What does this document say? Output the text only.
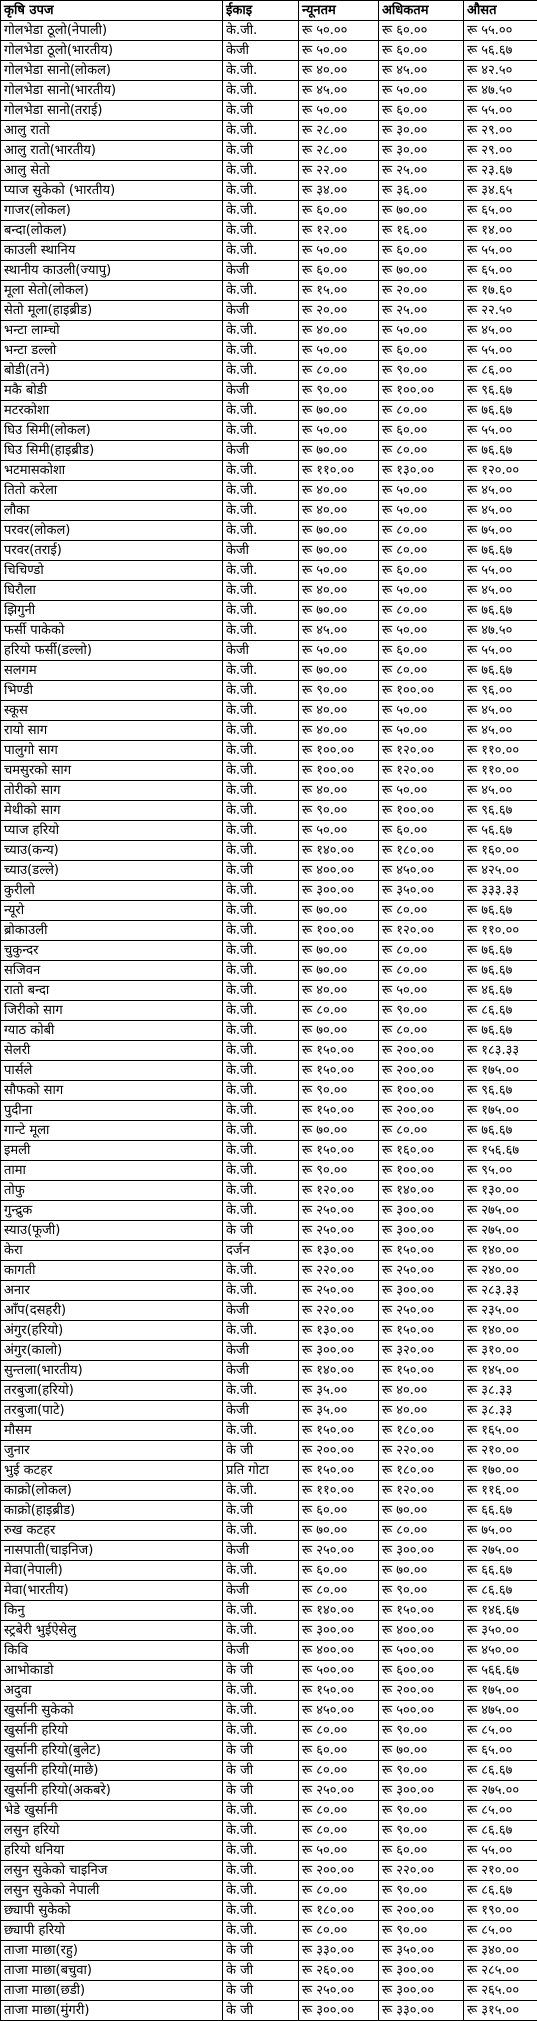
कृषि उपज	ईकाइ	न्यूनतम	अधिकतम	औसत
गोलभेडा ठूलो(नेपाली)	के.जी.	रू ५०.००	रू ६०.००	रू ५५.००
गोलभेडा ठूलो(भारतीय)	केजी	रू ५०.००	रू ६०.००	रू ५६.६७
गोलभेडा सानो(लोकल)	के.जी.	रू ४०.००	रू ४५.००	रू ४२.५०
गोलभेडा सानो(भारतीय)	के.जी.	रू ४५.००	रू ५०.००	रू ४७.५०
गोलभेडा सानो(तराई)	के.जी	रू ५०.००	रू ६०.००	रू ५५.००
आलु रातो	के.जी.	रू २८.००	रू ३०.००	रू २९.००
आलु रातो(भारतीय)	के.जी	रू २८.००	रू ३०.००	रू २९.००
आलु सेतो	के.जी.	रू २२.००	रू २५.००	रू २३.६७
प्याज सुकेको (भारतीय)	के.जी.	रू ३४.००	रू ३६.००	रू ३४.६५
गाजर(लोकल)	के.जी.	रू ६०.००	रू ७०.००	रू ६५.००
बन्दा(लोकल)	के.जी.	रू १२.००	रू १६.००	रू १४.००
काउली स्थानिय	के.जी.	रू ५०.००	रू ६०.००	रू ५५.००
स्थानीय काउली(ज्यापु)	केजी	रू ६०.००	रू ७०.००	रू ६५.००
मूला सेतो(लोकल)	के.जी.	रू १५.००	रू २०.००	रू १७.६०
सेतो मूला(हाइब्रीड)	केजी	रू २०.००	रू २५.००	रू २२.५०
भन्टा लाम्चो	के.जी.	रू ४०.००	रू ५०.००	रू ४५.००
भन्टा डल्लो	के.जी.	रू ५०.००	रू ६०.००	रू ५५.००
बोडी(तने)	के.जी.	रू ८०.००	रू ९०.००	रू ८६.००
मकै बोडी	केजी	रू ९०.००	रू १००.००	रू ९६.६७
मटरकोशा	के.जी.	रू ७०.००	रू ८०.००	रू ७६.६७
घिउ सिमी(लोकल)	के.जी.	रू ५०.००	रू ६०.००	रू ५५.००
घिउ सिमी(हाइब्रीड)	केजी	रू ७०.००	रू ८०.००	रू ७६.६७
भटमासकोशा	के.जी.	रू ११०.००	रू १३०.००	रू १२०.००
तितो करेला	के.जी.	रू ४०.००	रू ५०.००	रू ४५.००
लौका	के.जी.	रू ४०.००	रू ५०.००	रू ४५.००
परवर(लोकल)	के.जी.	रू ७०.००	रू ८०.००	रू ७५.००
परवर(तराई)	केजी	रू ७०.००	रू ८०.००	रू ७६.६७
चिचिण्डो	के.जी.	रू ५०.००	रू ६०.००	रू ५५.००
घिरौला	के.जी.	रू ४०.००	रू ५०.००	रू ४५.००
झिगुनी	के.जी.	रू ७०.००	रू ८०.००	रू ७६.६७
फर्सी पाकेको	के.जी.	रू ४५.००	रू ५०.००	रू ४७.५०
हरियो फर्सी(डल्लो)	केजी	रू ५०.००	रू ६०.००	रू ५५.००
सलगम	के.जी.	रू ७०.००	रू ८०.००	रू ७६.६७
भिण्डी	के.जी.	रू ९०.००	रू १००.००	रू ९६.००
स्कूस	के.जी.	रू ४०.००	रू ५०.००	रू ४५.००
रायो साग	के.जी.	रू ४०.००	रू ५०.००	रू ४५.००
पालुगो साग	के.जी.	रू १००.००	रू १२०.००	रू ११०.००
चमसुरको साग	के.जी.	रू १००.००	रू १२०.००	रू ११०.००
तोरीको साग	के.जी.	रू ४०.००	रू ५०.००	रू ४५.००
मेथीको साग	के.जी.	रू ९०.००	रू १००.००	रू ९६.६७
प्याज हरियो	के.जी.	रू ५०.००	रू ६०.००	रू ५६.६७
च्याउ(कन्य)	के.जी.	रू १४०.००	रू १८०.००	रू १६०.००
च्याउ(डल्ले)	के.जी	रू ४००.००	रू ४५०.००	रू ४२५.००
कुरीलो	के.जी.	रू ३००.००	रू ३५०.००	रू ३३३.३३
न्यूरो	के.जी.	रू ७०.००	रू ८०.००	रू ७६.६७
ब्रोकाउली	के.जी.	रू १००.००	रू १२०.००	रू ११०.००
चुकुन्दर	के.जी.	रू ७०.००	रू ८०.००	रू ७६.६७
सजिवन	के.जी.	रू ७०.००	रू ८०.००	रू ७६.६७
रातो बन्दा	के.जी.	रू ४०.००	रू ५०.००	रू ४६.६७
जिरीको साग	के.जी.	रू ८०.००	रू ९०.००	रू ८६.६७
ग्याठ कोबी	के.जी.	रू ७०.००	रू ८०.००	रू ७६.६७
सेलरी	के.जी.	रू १५०.००	रू २००.००	रू १८३.३३
पार्सले	के.जी.	रू १५०.००	रू २००.००	रू १७५.००
सौफको साग	के.जी.	रू ९०.००	रू १००.००	रू ९६.६७
पुदीना	के.जी.	रू १५०.००	रू २००.००	रू १७५.००
गान्टे मूला	के.जी.	रू ७०.००	रू ८०.००	रू ७६.६७
इमली	के.जी.	रू १५०.००	रू १६०.००	रू १५६.६७
तामा	के.जी.	रू ९०.००	रू १००.००	रू ९५.००
तोफु	के.जी.	रू १२०.००	रू १४०.००	रू १३०.००
गुन्द्रुक	के.जी.	रू २५०.००	रू ३००.००	रू २७५.००
स्याउ(फूजी)	के जी	रू २५०.००	रू ३००.००	रू २७५.००
केरा	दर्जन	रू १३०.००	रू १५०.००	रू १४०.००
कागती	के.जी.	रू २२०.००	रू २५०.००	रू २४०.००
अनार	के.जी.	रू २५०.००	रू ३००.००	रू २८३.३३
आँप(दसहरी)	केजी	रू २२०.००	रू २५०.००	रू २३५.००
अंगुर(हरियो)	के.जी.	रू १३०.००	रू १५०.००	रू १४०.००
अंगुर(कालो)	केजी	रू ३००.००	रू ३२०.००	रू ३१०.००
सुन्तला(भारतीय)	केजी	रू १४०.००	रू १५०.००	रू १४५.००
तरबुजा(हरियो)	के.जी.	रू ३५.००	रू ४०.००	रू ३८.३३
तरबुजा(पाटे)	केजी	रू ३५.००	रू ४०.००	रू ३८.३३
मौसम	के.जी.	रू १५०.००	रू १८०.००	रू १६५.००
जुनार	के जी	रू २००.००	रू २२०.००	रू २१०.००
भुई कटहर	प्रति गोटा	रू १५०.००	रू १८०.००	रू १७०.००
काक्रो(लोकल)	के.जी.	रू ११०.००	रू १२०.००	रू ११६.००
काक्रो(हाइब्रीड)	के.जी	रू ६०.००	रू ७०.००	रू ६६.६७
रुख कटहर	के.जी.	रू ७०.००	रू ८०.००	रू ७५.००
नासपाती(चाइनिज)	केजी	रू २५०.००	रू ३००.००	रू २७५.००
मेवा(नेपाली)	के.जी.	रू ६०.००	रू ७०.००	रू ६६.६७
मेवा(भारतीय)	केजी	रू ८०.००	रू ९०.००	रू ८६.६७
किनु	के.जी.	रू १४०.००	रू १५०.००	रू १४६.६७
स्ट्रबेरी भुईऐसेलु	के.जी.	रू ३००.००	रू ४००.००	रू ३५०.००
किवि	केजी	रू ४००.००	रू ५००.००	रू ४५०.००
आभोकाडो	के जी	रू ५००.००	रू ६००.००	रू ५६६.६७
अदुवा	के.जी.	रू १५०.००	रू २००.००	रू १७५.००
खुर्सानी सुकेको	के.जी.	रू ४५०.००	रू ५००.००	रू ४७५.००
खुर्सानी हरियो	के.जी.	रू ८०.००	रू ९०.००	रू ८५.००
खुर्सानी हरियो(बुलेट)	के जी	रू ६०.००	रू ७०.००	रू ६५.००
खुर्सानी हरियो(माछे)	के जी	रू ८०.००	रू ९०.००	रू ८६.६७
खुर्सानी हरियो(अकबरे)	के जी	रू २५०.००	रू ३००.००	रू २७५.००
भेडे खुर्सानी	के.जी.	रू ८०.००	रू ९०.००	रू ८५.००
लसुन हरियो	के.जी.	रू ८०.००	रू ९०.००	रू ८६.६७
हरियो धनिया	के.जी.	रू ५०.००	रू ६०.००	रू ५५.००
लसुन सुकेको चाइनिज	के.जी.	रू २००.००	रू २२०.००	रू २१०.००
लसुन सुकेको नेपाली	के.जी.	रू ८०.००	रू ९०.००	रू ८६.६७
छ्यापी सुकेको	के.जी.	रू १८०.००	रू २००.००	रू १९०.००
छ्यापी हरियो	के.जी.	रू ८०.००	रू ९०.००	रू ८५.००
ताजा माछा(रहु)	के जी	रू ३३०.००	रू ३५०.००	रू ३४०.००
ताजा माछा(बचुवा)	के जी	रू २६०.००	रू ३००.००	रू २८५.००
ताजा माछा(छडी)	के जी	रू २५०.००	रू ३००.००	रू २६५.००
ताजा माछा(मुंगरी)	के जी	रू ३००.००	रू ३३०.००	रू ३१५.००
